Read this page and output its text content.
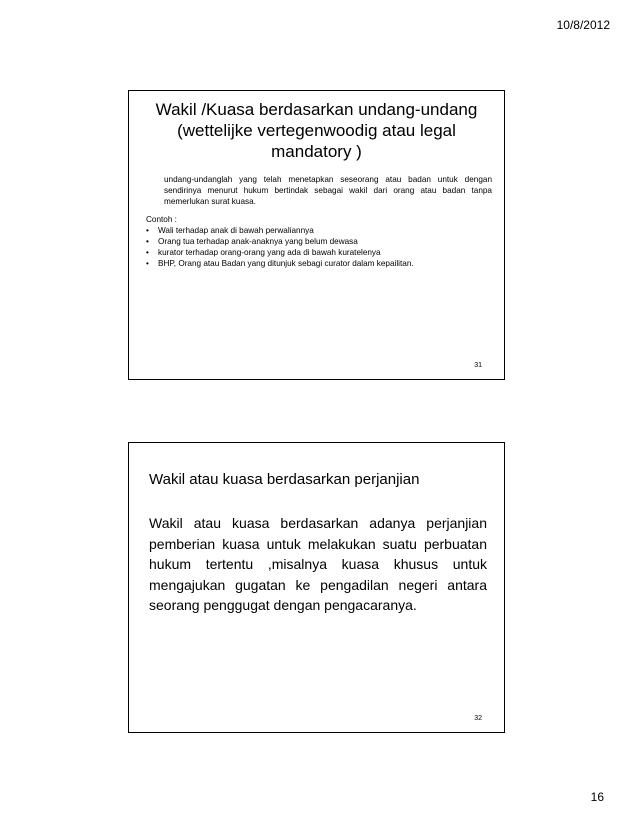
10/8/2012
Wakil /Kuasa berdasarkan undang-undang
(wettelijke vertegenwoodig atau legal
mandatory )
undang-undanglah yang telah menetapkan seseorang atau badan untuk dengan sendirinya menurut hukum bertindak sebagai wakil dari orang atau badan tanpa memerlukan surat kuasa.
Contoh :
• Wali terhadap anak di bawah perwaliannya
• Orang tua terhadap anak-anaknya yang belum dewasa
• kurator terhadap orang-orang yang ada di bawah kuratelenya
• BHP, Orang atau Badan yang ditunjuk sebagi curator dalam kepailitan.
31
Wakil atau kuasa berdasarkan perjanjian
Wakil atau kuasa berdasarkan adanya perjanjian pemberian kuasa untuk melakukan suatu perbuatan hukum tertentu ,misalnya kuasa khusus untuk mengajukan gugatan ke pengadilan negeri antara seorang penggugat dengan pengacaranya.
32
16
